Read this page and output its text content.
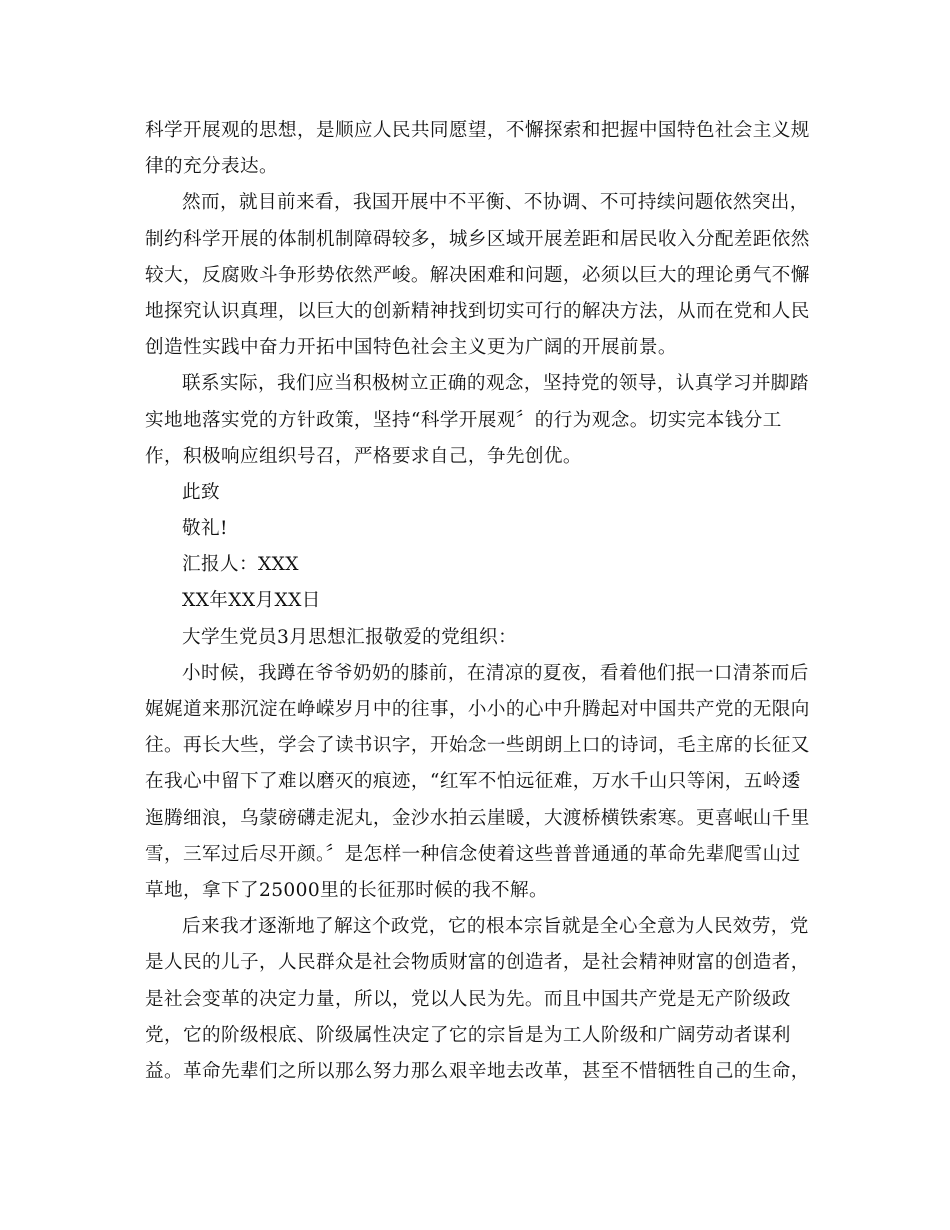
科学开展观的思想，是顺应人民共同愿望，不懈探索和把握中国特色社会主义规
律的充分表达。
然而，就目前来看，我国开展中不平衡、不协调、不可持续问题依然突出，
制约科学开展的体制机制障碍较多，城乡区域开展差距和居民收入分配差距依然
较大，反腐败斗争形势依然严峻。解决困难和问题，必须以巨大的理论勇气不懈
地探究认识真理，以巨大的创新精神找到切实可行的解决方法，从而在党和人民
创造性实践中奋力开拓中国特色社会主义更为广阔的开展前景。
联系实际，我们应当积极树立正确的观念，坚持党的领导，认真学习并脚踏
实地地落实党的方针政策，坚持“科学开展观〞的行为观念。切实完本钱分工
作，积极响应组织号召，严格要求自己，争先创优。
此致
敬礼!
汇报人：XXX
XX年XX月XX日
大学生党员3月思想汇报敬爱的党组织：
小时候，我蹲在爷爷奶奶的膝前，在清凉的夏夜，看着他们抿一口清茶而后
娓娓道来那沉淀在峥嵘岁月中的往事，小小的心中升腾起对中国共产党的无限向
往。再长大些，学会了读书识字，开始念一些朗朗上口的诗词，毛主席的长征又
在我心中留下了难以磨灭的痕迹，“红军不怕远征难，万水千山只等闲，五岭逶
迤腾细浪，乌蒙磅礴走泥丸，金沙水拍云崖暖，大渡桥横铁索寒。更喜岷山千里
雪，三军过后尽开颜。〞是怎样一种信念使着这些普普通通的革命先辈爬雪山过
草地，拿下了25000里的长征那时候的我不解。
后来我才逐渐地了解这个政党，它的根本宗旨就是全心全意为人民效劳，党
是人民的儿子，人民群众是社会物质财富的创造者，是社会精神财富的创造者，
是社会变革的决定力量，所以，党以人民为先。而且中国共产党是无产阶级政
党，它的阶级根底、阶级属性决定了它的宗旨是为工人阶级和广阔劳动者谋利
益。革命先辈们之所以那么努力那么艰辛地去改革，甚至不惜牺牲自己的生命，
